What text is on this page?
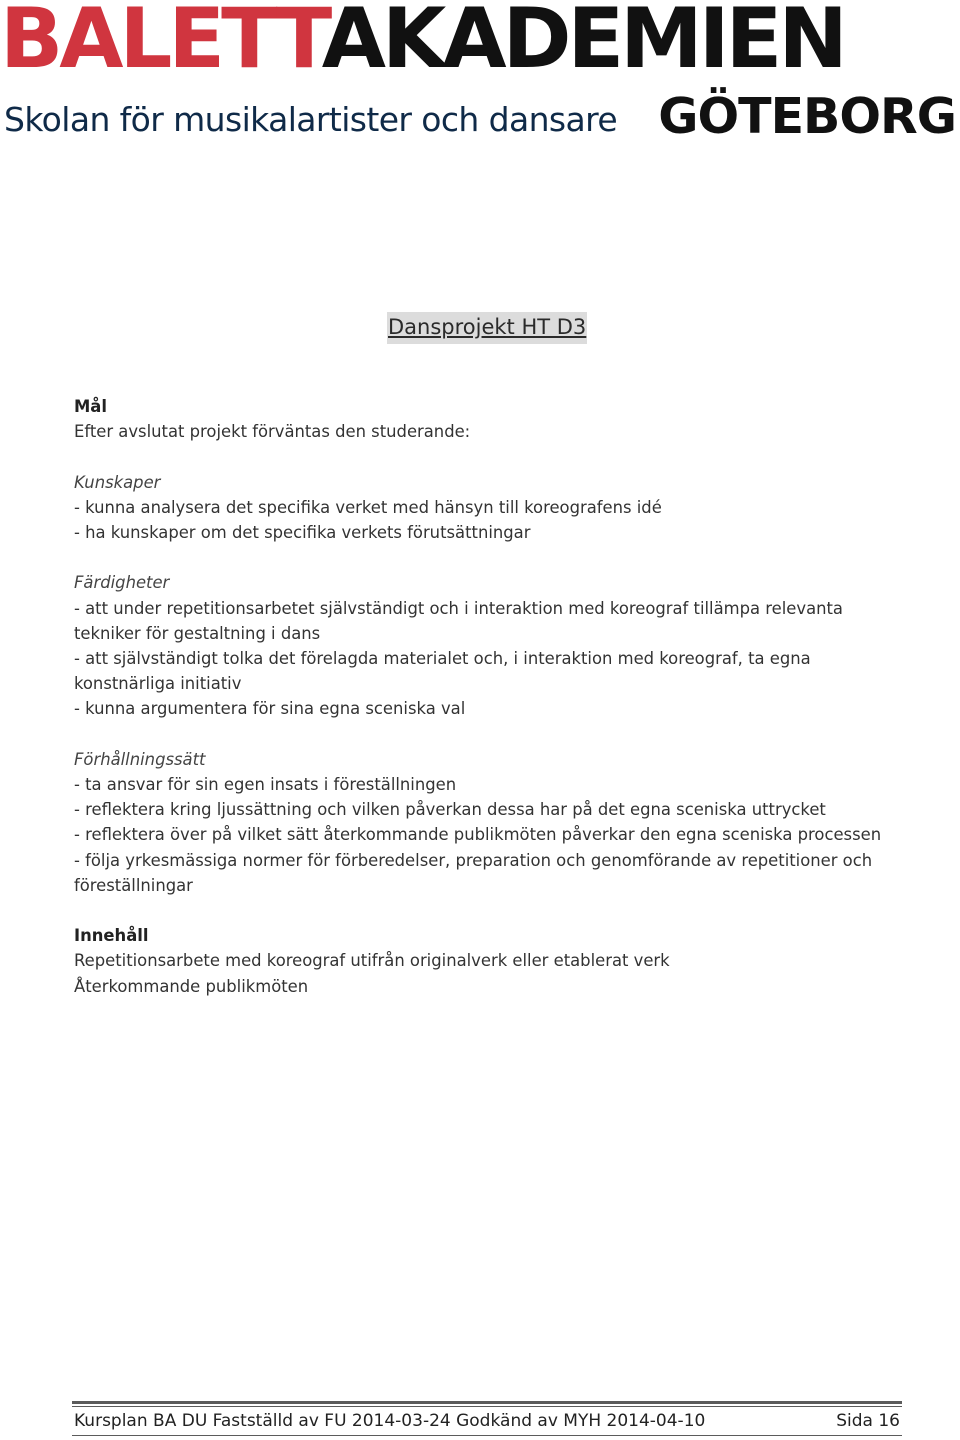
BALETTAKADEMIEN
Skolan för musikalartister och dansare GÖTEBORG
Dansprojekt HT D3

Mål

Efter avslutat projekt förväntas den studerande:

Kunskaper

- kunna analysera det specifika verket med hänsyn till koreografens idé

- ha kunskaper om det specifika verkets förutsättningar

Färdigheter

- att under repetitionsarbetet självständigt och i interaktion med koreograf tillämpa relevanta

tekniker för gestaltning i dans

- att självständigt tolka det förelagda materialet och, i interaktion med koreograf, ta egna

konstnärliga initiativ

- kunna argumentera för sina egna sceniska val

Förhållningssätt

- ta ansvar för sin egen insats i föreställningen

- reflektera kring ljussättning och vilken påverkan dessa har på det egna sceniska uttrycket

- reflektera över på vilket sätt återkommande publikmöten påverkar den egna sceniska processen

- följa yrkesmässiga normer för förberedelser, preparation och genomförande av repetitioner och

föreställningar

Innehåll

Repetitionsarbete med koreograf utifrån originalverk eller etablerat verk

Återkommande publikmöten

Kursplan BA DU Fastställd av FU 2014-03-24 Godkänd av MYH 2014-04-10	Sida 16
